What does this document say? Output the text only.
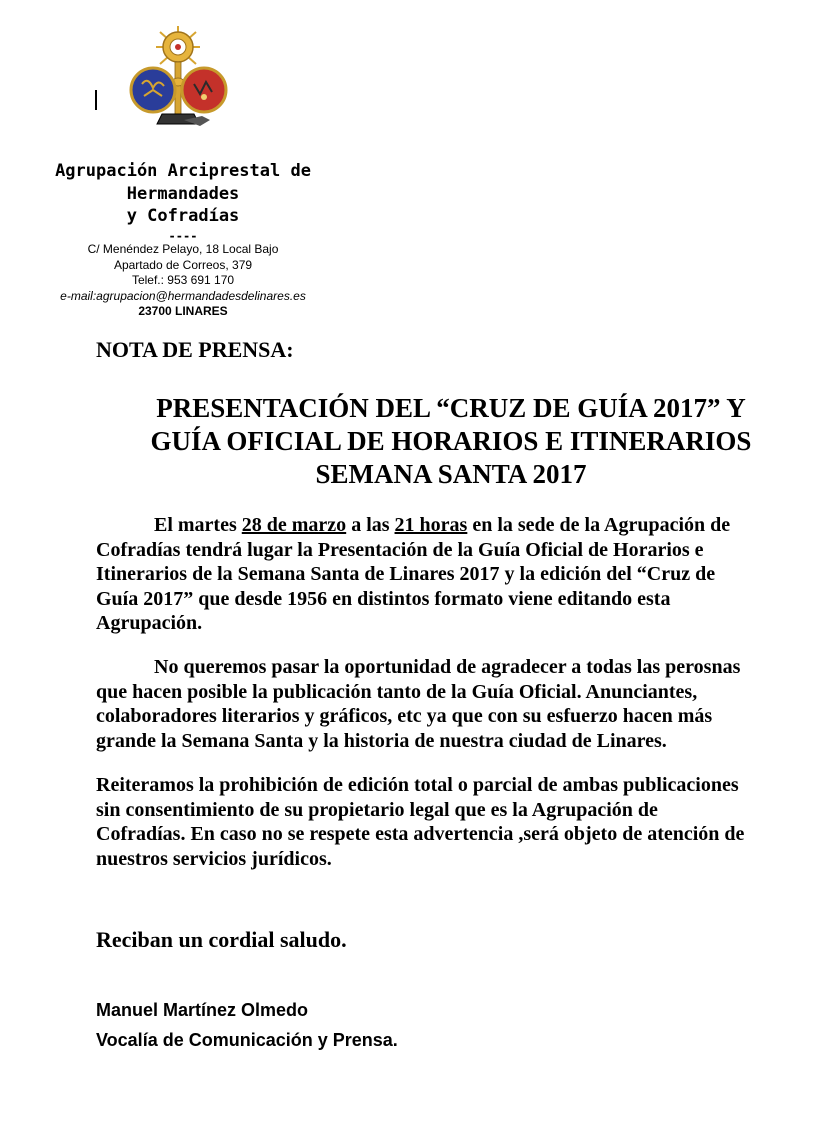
Agrupación Arciprestal de
Hermandades
y Cofradías
----
C/ Menéndez Pelayo, 18 Local Bajo
Apartado de Correos, 379
Telef.: 953 691 170
e-mail:agrupacion@hermandadesdelinares.es
23700 LINARES
NOTA DE PRENSA:
PRESENTACIÓN DEL “CRUZ DE GUÍA 2017” Y
GUÍA OFICIAL DE HORARIOS E ITINERARIOS
SEMANA SANTA 2017
El martes 28 de marzo a las 21 horas en la sede de la Agrupación de
Cofradías tendrá lugar la Presentación de la Guía Oficial de Horarios e
Itinerarios de la Semana Santa de Linares 2017 y la edición del “Cruz de
Guía 2017” que desde 1956 en distintos formato viene editando esta
Agrupación.
No queremos pasar la oportunidad de agradecer a todas las perosnas
que hacen posible la publicación tanto de la Guía Oficial. Anunciantes,
colaboradores literarios y gráficos, etc ya que con su esfuerzo hacen más
grande la Semana Santa y la historia de nuestra ciudad de Linares.
Reiteramos la prohibición de edición total o parcial de ambas publicaciones
sin consentimiento de su propietario legal que es la Agrupación de
Cofradías. En caso no se respete esta advertencia ,será objeto de atención de
nuestros servicios jurídicos.
Reciban un cordial saludo.
Manuel Martínez Olmedo
Vocalía de Comunicación y Prensa.
